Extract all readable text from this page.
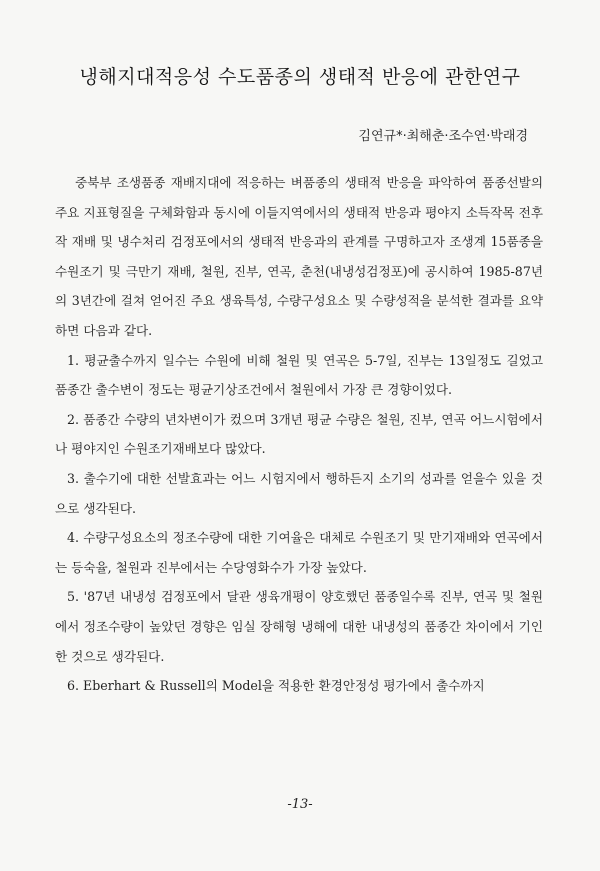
냉해지대적응성 수도품종의 생태적 반응에 관한연구
김연규*·최해춘·조수연·박래경

중북부 조생품종 재배지대에 적응하는 벼품종의 생태적 반응을 파악하여 품종선발의 주요 지표형질을 구체화함과 동시에 이들지역에서의 생태적 반응과 평야지 소득작목 전후작 재배 및 냉수처리 검정포에서의 생태적 반응과의 관계를 구명하고자 조생계 15품종을 수원조기 및 극만기 재배, 철원, 진부, 연곡, 춘천(내냉성검정포)에 공시하여 1985-87년의 3년간에 걸쳐 얻어진 주요 생육특성, 수량구성요소 및 수량성적을 분석한 결과를 요약하면 다음과 같다.

1. 평균출수까지 일수는 수원에 비해 철원 및 연곡은 5-7일, 진부는 13일정도 길었고 품종간 출수변이 정도는 평균기상조건에서 철원에서 가장 큰 경향이었다.

2. 품종간 수량의 년차변이가 컸으며 3개년 평균 수량은 철원, 진부, 연곡 어느시험에서나 평야지인 수원조기재배보다 많았다.

3. 출수기에 대한 선발효과는 어느 시험지에서 행하든지 소기의 성과를 얻을수 있을 것으로 생각된다.

4. 수량구성요소의 정조수량에 대한 기여율은 대체로 수원조기 및 만기재배와 연곡에서는 등숙율, 철원과 진부에서는 수당영화수가 가장 높았다.

5. '87년 내냉성 검정포에서 달관 생육개평이 양호했던 품종일수록 진부, 연곡 및 철원에서 정조수량이 높았던 경향은 임실 장해형 냉해에 대한 내냉성의 품종간 차이에서 기인한 것으로 생각된다.

6. Eberhart & Russell의 Model을 적용한 환경안정성 평가에서 출수까지

-13-
